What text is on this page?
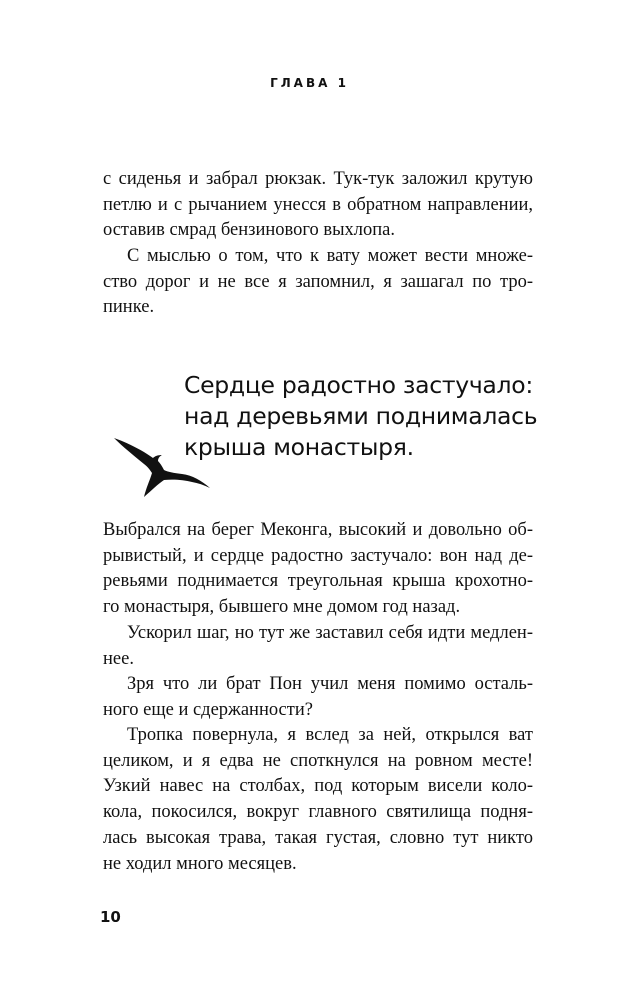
ГЛАВА 1
с сиденья и забрал рюкзак. Тук-тук заложил крутую
петлю и с рычанием унесся в обратном направлении,
оставив смрад бензинового выхлопа.
С мыслью о том, что к вату может вести множе-
ство дорог и не все я запомнил, я зашагал по тро-
пинке.
Сердце радостно застучало:
над деревьями поднималась
крыша монастыря.
Выбрался на берег Меконга, высокий и довольно об-
рывистый, и сердце радостно застучало: вон над де-
ревьями поднимается треугольная крыша крохотно-
го монастыря, бывшего мне домом год назад.
Ускорил шаг, но тут же заставил себя идти медлен-
нее.
Зря что ли брат Пон учил меня помимо осталь-
ного еще и сдержанности?
Тропка повернула, я вслед за ней, открылся ват
целиком, и я едва не споткнулся на ровном месте!
Узкий навес на столбах, под которым висели коло-
кола, покосился, вокруг главного святилища подня-
лась высокая трава, такая густая, словно тут никто
не ходил много месяцев.
10
